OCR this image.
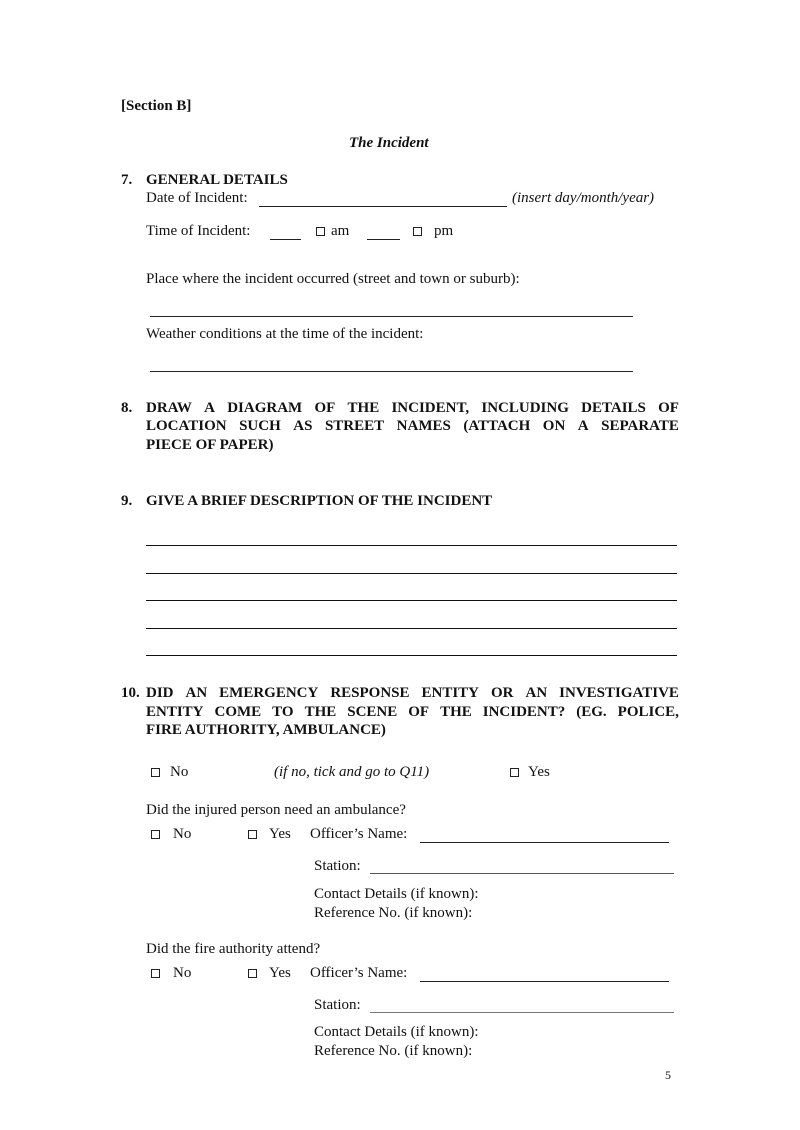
[Section B]
The Incident
7. GENERAL DETAILS
Date of Incident:	(insert day/month/year)
Time of Incident:	am	pm
Place where the incident occurred (street and town or suburb):
Weather conditions at the time of the incident:
8. DRAW A DIAGRAM OF THE INCIDENT, INCLUDING DETAILS OF
LOCATION SUCH AS STREET NAMES (ATTACH ON A SEPARATE
PIECE OF PAPER)
9. GIVE A BRIEF DESCRIPTION OF THE INCIDENT
10. DID AN EMERGENCY RESPONSE ENTITY OR AN INVESTIGATIVE
ENTITY COME TO THE SCENE OF THE INCIDENT? (EG. POLICE,
FIRE AUTHORITY, AMBULANCE)
No	(if no, tick and go to Q11)	Yes
Did the injured person need an ambulance?
No	Yes Officer’s Name:
Station:
Contact Details (if known):
Reference No. (if known):
Did the fire authority attend?
No	Yes Officer’s Name:
Station:
Contact Details (if known):
Reference No. (if known):
5
